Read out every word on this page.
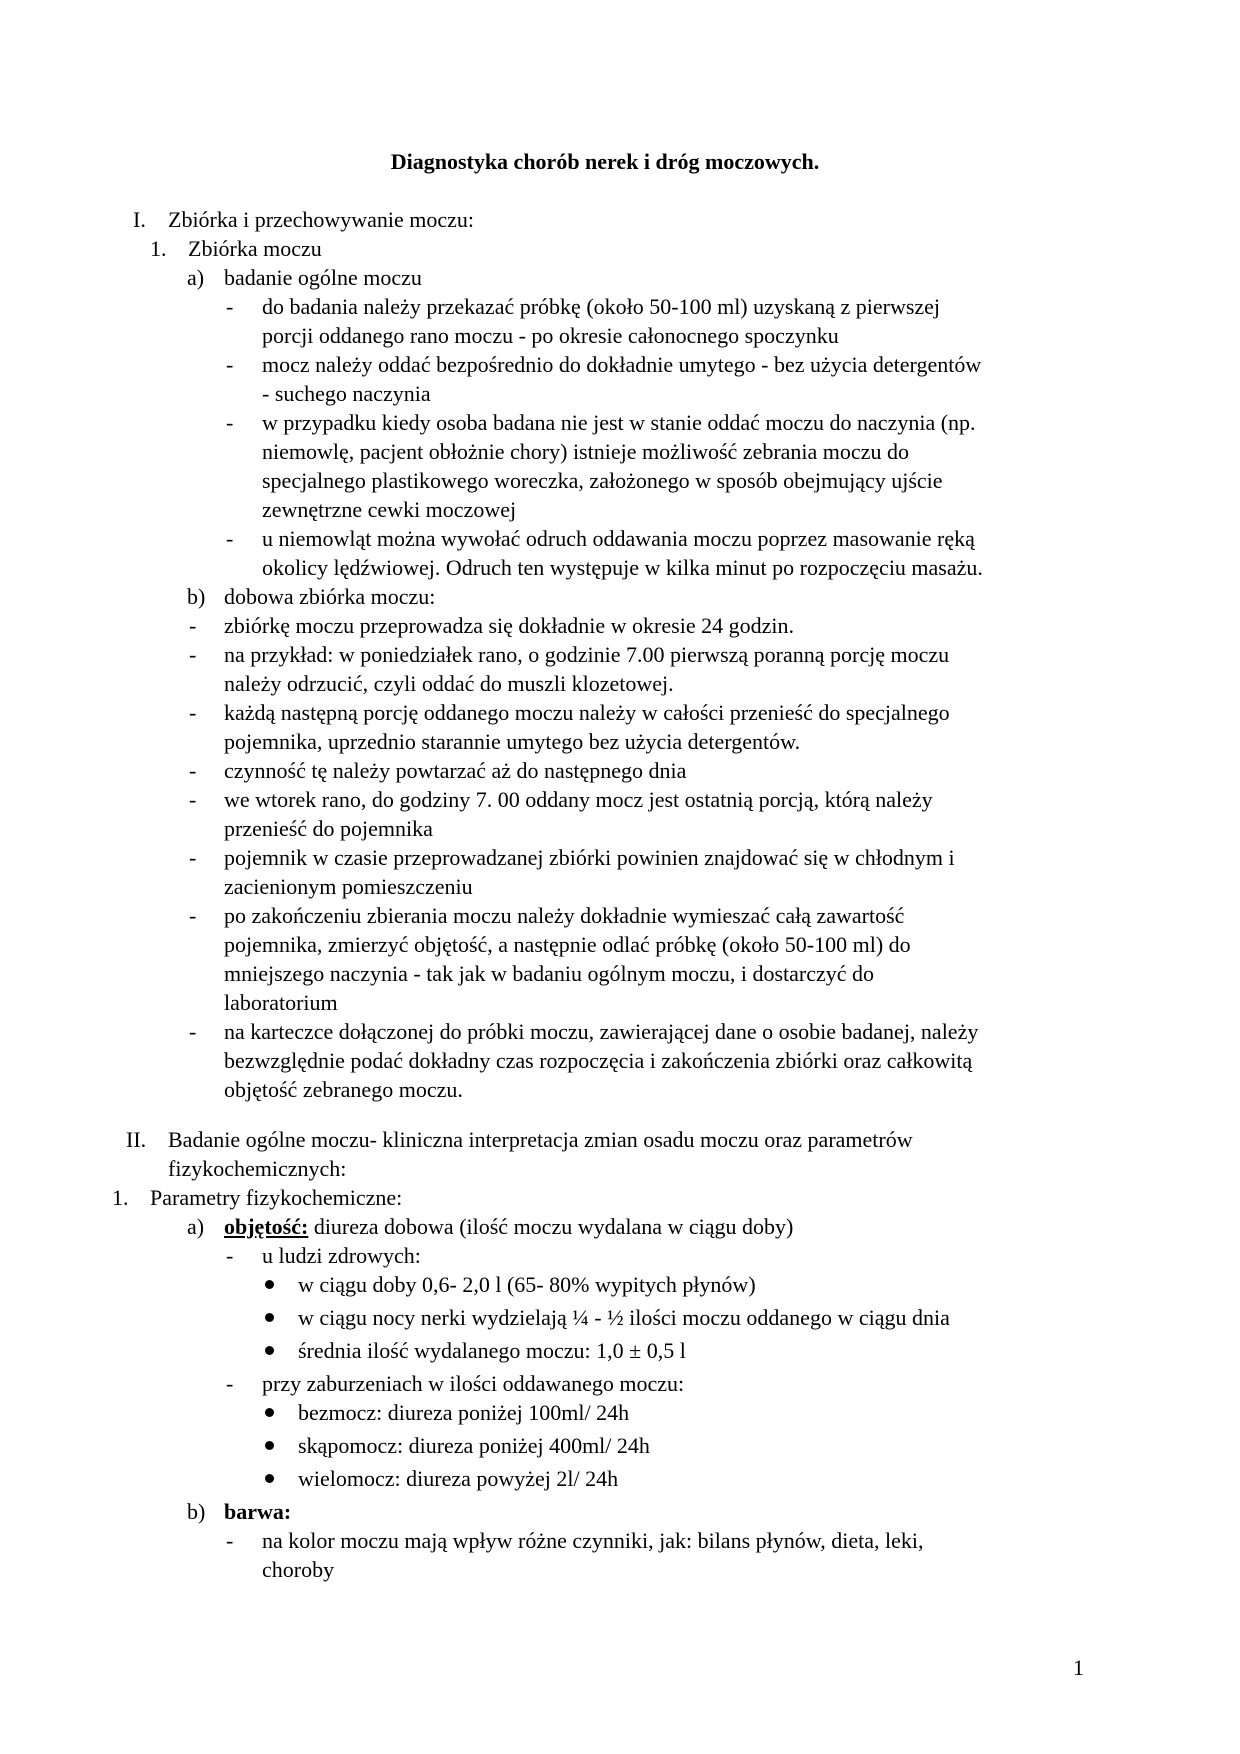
Diagnostyka chorób nerek i dróg moczowych.
I. Zbiórka i przechowywanie moczu:
1. Zbiórka moczu
a) badanie ogólne moczu
- do badania należy przekazać próbkę (około 50-100 ml) uzyskaną z pierwszej
porcji oddanego rano moczu - po okresie całonocnego spoczynku
- mocz należy oddać bezpośrednio do dokładnie umytego - bez użycia detergentów
- suchego naczynia
- w przypadku kiedy osoba badana nie jest w stanie oddać moczu do naczynia (np.
niemowlę, pacjent obłożnie chory) istnieje możliwość zebrania moczu do
specjalnego plastikowego woreczka, założonego w sposób obejmujący ujście
zewnętrzne cewki moczowej
- u niemowląt można wywołać odruch oddawania moczu poprzez masowanie ręką
okolicy lędźwiowej. Odruch ten występuje w kilka minut po rozpoczęciu masażu.
b) dobowa zbiórka moczu:
- zbiórkę moczu przeprowadza się dokładnie w okresie 24 godzin.
- na przykład: w poniedziałek rano, o godzinie 7.00 pierwszą poranną porcję moczu
należy odrzucić, czyli oddać do muszli klozetowej.
- każdą następną porcję oddanego moczu należy w całości przenieść do specjalnego
pojemnika, uprzednio starannie umytego bez użycia detergentów.
- czynność tę należy powtarzać aż do następnego dnia
- we wtorek rano, do godziny 7. 00 oddany mocz jest ostatnią porcją, którą należy
przenieść do pojemnika
- pojemnik w czasie przeprowadzanej zbiórki powinien znajdować się w chłodnym i
zacienionym pomieszczeniu
- po zakończeniu zbierania moczu należy dokładnie wymieszać całą zawartość
pojemnika, zmierzyć objętość, a następnie odlać próbkę (około 50-100 ml) do
mniejszego naczynia - tak jak w badaniu ogólnym moczu, i dostarczyć do
laboratorium
- na karteczce dołączonej do próbki moczu, zawierającej dane o osobie badanej, należy
bezwzględnie podać dokładny czas rozpoczęcia i zakończenia zbiórki oraz całkowitą
objętość zebranego moczu.
II. Badanie ogólne moczu- kliniczna interpretacja zmian osadu moczu oraz parametrów
fizykochemicznych:
1. Parametry fizykochemiczne:
a) objętość: diureza dobowa (ilość moczu wydalana w ciągu doby)
- u ludzi zdrowych:
w ciągu doby 0,6- 2,0 l (65- 80% wypitych płynów)
w ciągu nocy nerki wydzielają ¼ - ½ ilości moczu oddanego w ciągu dnia
średnia ilość wydalanego moczu: 1,0 ± 0,5 l
- przy zaburzeniach w ilości oddawanego moczu:
bezmocz: diureza poniżej 100ml/ 24h
skąpomocz: diureza poniżej 400ml/ 24h
wielomocz: diureza powyżej 2l/ 24h
b) barwa:
- na kolor moczu mają wpływ różne czynniki, jak: bilans płynów, dieta, leki,
choroby
1
